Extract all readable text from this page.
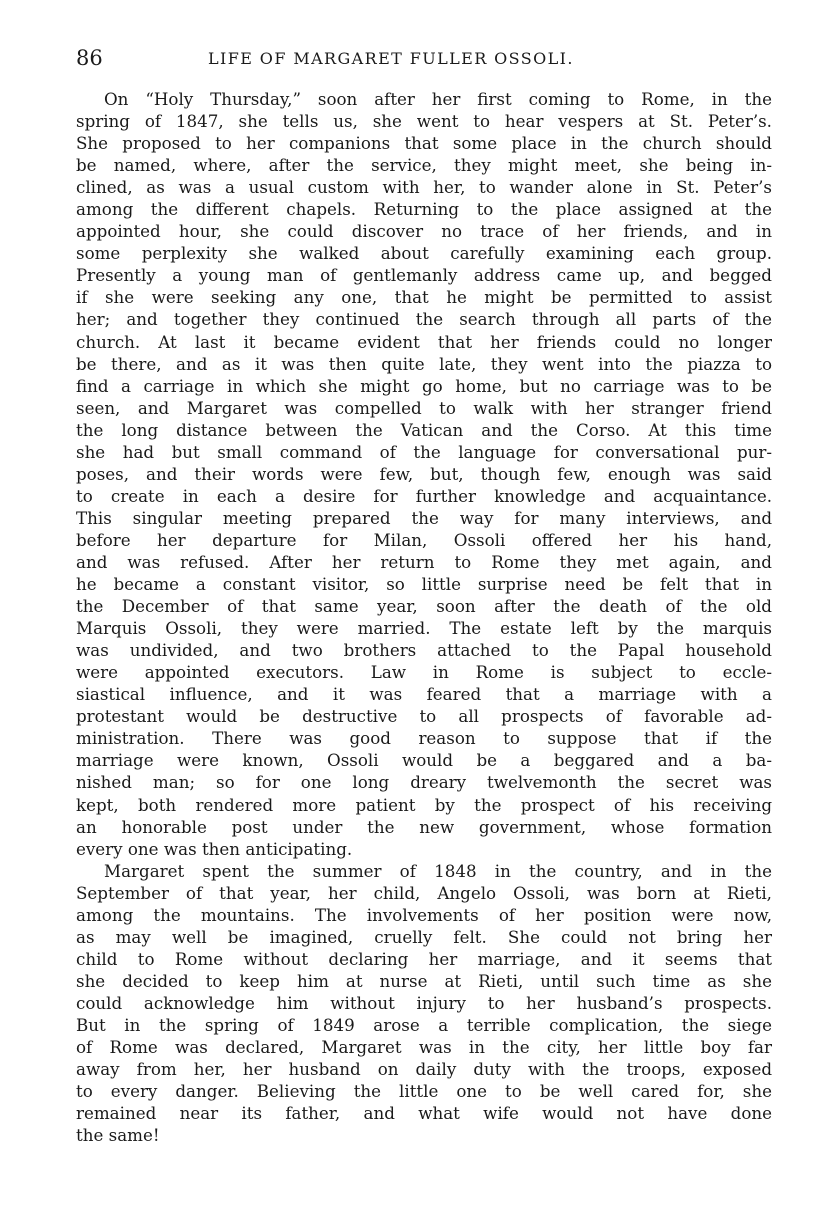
86	LIFE OF MARGARET FULLER OSSOLI.
On “Holy Thursday,” soon after her first coming to Rome, in the
spring of 1847, she tells us, she went to hear vespers at St. Peter’s.
She proposed to her companions that some place in the church should
be named, where, after the service, they might meet, she being in-
clined, as was a usual custom with her, to wander alone in St. Peter’s
among the different chapels. Returning to the place assigned at the
appointed hour, she could discover no trace of her friends, and in
some perplexity she walked about carefully examining each group.
Presently a young man of gentlemanly address came up, and begged
if she were seeking any one, that he might be permitted to assist
her; and together they continued the search through all parts of the
church. At last it became evident that her friends could no longer
be there, and as it was then quite late, they went into the piazza to
find a carriage in which she might go home, but no carriage was to be
seen, and Margaret was compelled to walk with her stranger friend
the long distance between the Vatican and the Corso. At this time
she had but small command of the language for conversational pur-
poses, and their words were few, but, though few, enough was said
to create in each a desire for further knowledge and acquaintance.
This singular meeting prepared the way for many interviews, and
before her departure for Milan, Ossoli offered her his hand,
and was refused. After her return to Rome they met again, and
he became a constant visitor, so little surprise need be felt that in
the December of that same year, soon after the death of the old
Marquis Ossoli, they were married. The estate left by the marquis
was undivided, and two brothers attached to the Papal household
were appointed executors. Law in Rome is subject to eccle-
siastical influence, and it was feared that a marriage with a
protestant would be destructive to all prospects of favorable ad-
ministration. There was good reason to suppose that if the
marriage were known, Ossoli would be a beggared and a ba-
nished man; so for one long dreary twelvemonth the secret was
kept, both rendered more patient by the prospect of his receiving
an honorable post under the new government, whose formation
every one was then anticipating.
Margaret spent the summer of 1848 in the country, and in the
September of that year, her child, Angelo Ossoli, was born at Rieti,
among the mountains. The involvements of her position were now,
as may well be imagined, cruelly felt. She could not bring her
child to Rome without declaring her marriage, and it seems that
she decided to keep him at nurse at Rieti, until such time as she
could acknowledge him without injury to her husband’s prospects.
But in the spring of 1849 arose a terrible complication, the siege
of Rome was declared, Margaret was in the city, her little boy far
away from her, her husband on daily duty with the troops, exposed
to every danger. Believing the little one to be well cared for, she
remained near its father, and what wife would not have done
the same!
